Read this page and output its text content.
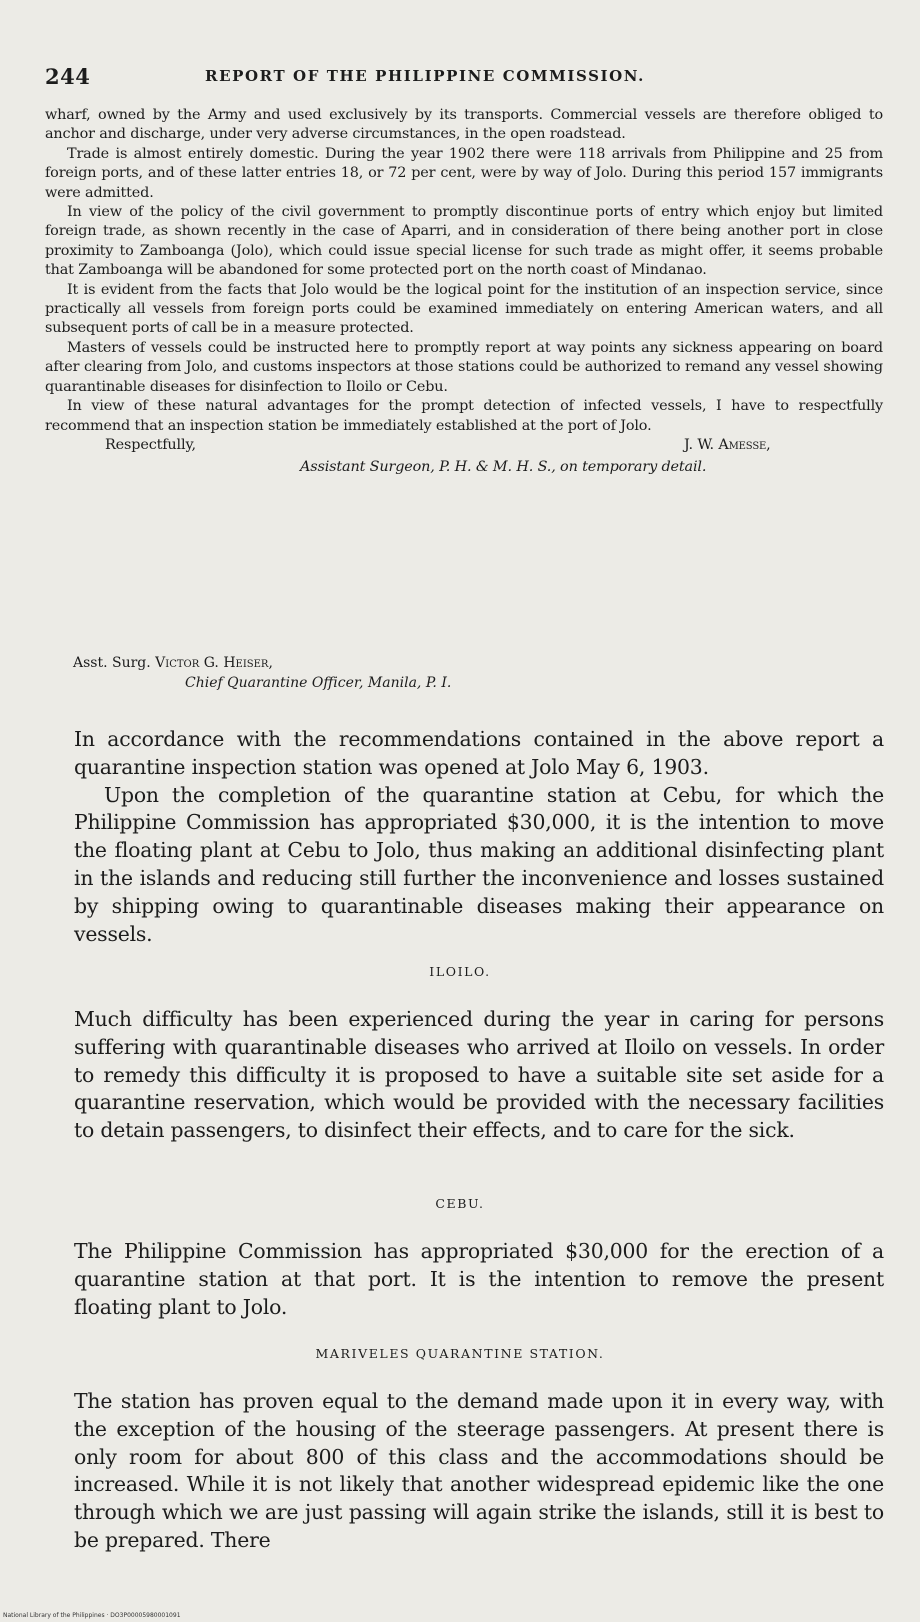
244	REPORT OF THE PHILIPPINE COMMISSION.

wharf, owned by the Army and used exclusively by its transports. Commercial vessels are therefore obliged to anchor and discharge, under very adverse circumstances, in the open roadstead.

Trade is almost entirely domestic. During the year 1902 there were 118 arrivals from Philippine and 25 from foreign ports, and of these latter entries 18, or 72 per cent, were by way of Jolo. During this period 157 immigrants were admitted.

In view of the policy of the civil government to promptly discontinue ports of entry which enjoy but limited foreign trade, as shown recently in the case of Aparri, and in consideration of there being another port in close proximity to Zamboanga (Jolo), which could issue special license for such trade as might offer, it seems probable that Zamboanga will be abandoned for some protected port on the north coast of Mindanao.

It is evident from the facts that Jolo would be the logical point for the institution of an inspection service, since practically all vessels from foreign ports could be examined immediately on entering American waters, and all subsequent ports of call be in a measure protected.

Masters of vessels could be instructed here to promptly report at way points any sickness appearing on board after clearing from Jolo, and customs inspectors at those stations could be authorized to remand any vessel showing quarantinable diseases for disinfection to Iloilo or Cebu.

In view of these natural advantages for the prompt detection of infected vessels, I have to respectfully recommend that an inspection station be immediately established at the port of Jolo.

Respectfully,	J. W. Amesse,
Assistant Surgeon, P. H. & M. H. S., on temporary detail.
Asst. Surg. Victor G. Heiser,
Chief Quarantine Officer, Manila, P. I.

In accordance with the recommendations contained in the above report a quarantine inspection station was opened at Jolo May 6, 1903.

Upon the completion of the quarantine station at Cebu, for which the Philippine Commission has appropriated $30,000, it is the intention to move the floating plant at Cebu to Jolo, thus making an additional disinfecting plant in the islands and reducing still further the inconvenience and losses sustained by shipping owing to quarantinable diseases making their appearance on vessels.

ILOILO.

Much difficulty has been experienced during the year in caring for persons suffering with quarantinable diseases who arrived at Iloilo on vessels. In order to remedy this difficulty it is proposed to have a suitable site set aside for a quarantine reservation, which would be provided with the necessary facilities to detain passengers, to disinfect their effects, and to care for the sick.

CEBU.

The Philippine Commission has appropriated $30,000 for the erection of a quarantine station at that port. It is the intention to remove the present floating plant to Jolo.

MARIVELES QUARANTINE STATION.

The station has proven equal to the demand made upon it in every way, with the exception of the housing of the steerage passengers. At present there is only room for about 800 of this class and the accommodations should be increased. While it is not likely that another widespread epidemic like the one through which we are just passing will again strike the islands, still it is best to be prepared. There

National Library of the Philippines · DO3P00005980001091
